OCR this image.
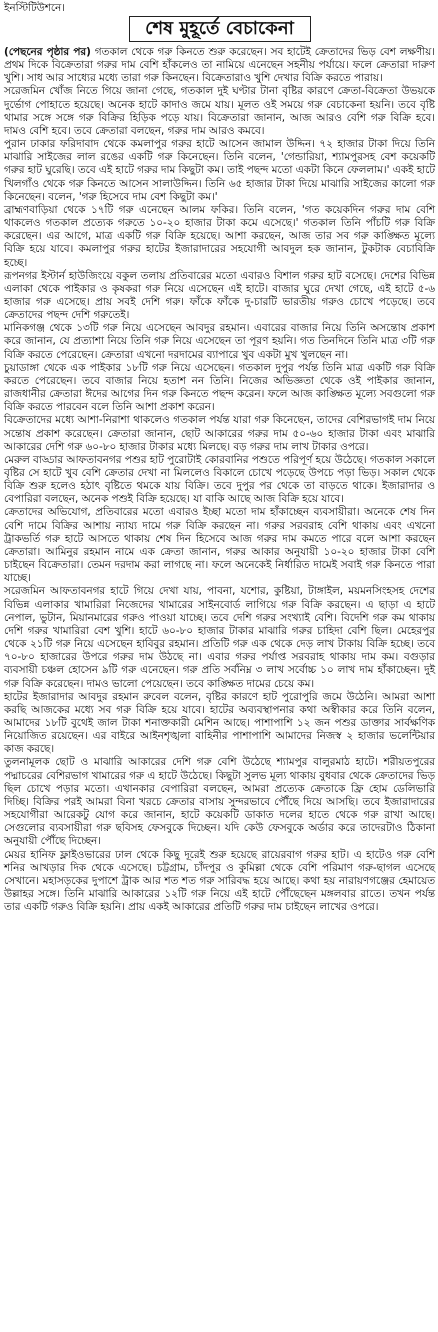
ইনস্টিটিউশনে।
শেষ মুহূর্তে বেচাকেনা

(পেছনের পৃষ্ঠার পর) গতকাল থেকে গরু কিনতে শুরু করেছেন। সব হাটেই ক্রেতাদের ভিড় বেশ লক্ষণীয়। প্রথম দিকে বিক্রেতারা গরুর দাম বেশি হাঁকলেও তা নামিয়ে এনেছেন সহনীয় পর্যায়ে। ফলে ক্রেতারা দারুণ খুশি। সাধ আর সাধ্যের মধ্যে তারা গরু কিনছেন। বিক্রেতারাও খুশি দেখার বিক্রি করতে পারায়।

সরেজমিন খোঁজ নিতে গিয়ে জানা গেছে, গতকাল দুই ঘণ্টার টানা বৃষ্টির কারণে ক্রেতা-বিক্রেতা উভয়কে দুর্ভোগ পোহাতে হয়েছে। অনেক হাটে কাদাও জমে যায়। মূলত ওই সময়ে গরু বেচাকেনা হয়নি। তবে বৃষ্টি থামার সঙ্গে সঙ্গে গরু বিক্রির হিড়িক পড়ে যায়। বিক্রেতারা জানান, আজ আরও বেশি গরু বিক্রি হবে। দামও বেশি হবে। তবে ক্রেতারা বলছেন, গরুর দাম আরও কমবে।

পুরান ঢাকার ফরিদাবাদ থেকে কমলাপুর গরুর হাটে আসেন জামাল উদ্দিন। ৭২ হাজার টাকা দিয়ে তিনি মাঝারি সাইজের লাল রঙের একটি গরু কিনেছেন। তিনি বলেন, 'গেন্ডারিয়া, শ্যামপুরসহ বেশ কয়েকটি গরুর হাট ঘুরেছি। তবে এই হাটে গরুর দাম কিছুটা কম। তাই পছন্দ মতো একটা কিনে ফেললাম।' একই হাটে খিলগাঁও থেকে গরু কিনতে আসেন সালাউদ্দিন। তিনি ৬৫ হাজার টাকা দিয়ে মাঝারি সাইজের কালো গরু কিনেছেন। বলেন, 'গরু হিসেবে দাম বেশ কিছুটা কম।'

ব্রাহ্মণবাড়িয়া থেকে ১৭টি গরু এনেছেন আলম ফকির। তিনি বলেন, 'গত কয়েকদিন গরুর দাম বেশি থাকলেও গতকাল প্রত্যেক গরুতে ১০-২০ হাজার টাকা কমে এসেছে।' গতকাল তিনি পাঁচটি গরু বিক্রি করেছেন। এর আগে, মাত্র একটি গরু বিক্রি হয়েছে। আশা করছেন, আজ তার সব গরু কাঙ্ক্ষিত মূল্যে বিক্রি হয়ে যাবে। কমলাপুর গরুর হাটের ইজারাদারের সহযোগী আবদুল হক জানান, টুকটাক বেচাবিক্রি হচ্ছে।

রূপনগর ইস্টার্ন হাউজিংয়ে বকুল তলায় প্রতিবারের মতো এবারও বিশাল গরুর হাট বসেছে। দেশের বিভিন্ন এলাকা থেকে পাইকার ও কৃষকরা গরু নিয়ে এসেছেন এই হাটে। বাজার ঘুরে দেখা গেছে, এই হাটে ৫-৬ হাজার গরু এসেছে। প্রায় সবই দেশি গরু। ফাঁকে ফাঁকে দু-চারটি ভারতীয় গরুও চোখে পড়েছে। তবে ক্রেতাদের পছন্দ দেশি গরুতেই।

মানিকগঞ্জ থেকে ১৩টি গরু নিয়ে এসেছেন আবদুর রহমান। এবারের বাজার নিয়ে তিনি অসন্তোষ প্রকাশ করে জানান, যে প্রত্যাশা নিয়ে তিনি গরু নিয়ে এসেছেন তা পূরণ হয়নি। গত তিনদিনে তিনি মাত্র ৩টি গরু বিক্রি করতে পেরেছেন। ক্রেতারা এখনো দরদামের ব্যাপারে খুব একটা মুখ খুলছেন না।

চুয়াডাঙ্গা থেকে এক পাইকার ১৮টি গরু নিয়ে এসেছেন। গতকাল দুপুর পর্যন্ত তিনি মাত্র একটি গরু বিক্রি করতে পেরেছেন। তবে বাজার নিয়ে হতাশ নন তিনি। নিজের অভিজ্ঞতা থেকে ওই পাইকার জানান, রাজধানীর ক্রেতারা ঈদের আগের দিন গরু কিনতে পছন্দ করেন। ফলে আজ কাঙ্ক্ষিত মূল্যে সবগুলো গরু বিক্রি করতে পারবেন বলে তিনি আশা প্রকাশ করেন।

বিক্রেতাদের মধ্যে আশা-নিরাশা থাকলেও গতকাল পর্যন্ত যারা গরু কিনেছেন, তাদের বেশিরভাগই দাম নিয়ে সন্তোষ প্রকাশ করেছেন। ক্রেতারা জানান, ছোট আকারের গরুর দাম ৫০-৬০ হাজার টাকা এবং মাঝারি আকারের দেশি গরু ৬০-৮০ হাজার টাকার মধ্যে মিলছে। বড় গরুর দাম লাখ টাকার ওপরে।

মেরুল বাড্ডার আফতাবনগর পশুর হাট পুরোটাই কোরবানির পশুতে পরিপূর্ণ হয়ে উঠেছে। গতকাল সকালে বৃষ্টির সে হাটে খুব বেশি ক্রেতার দেখা না মিললেও বিকালে চোখে পড়েছে উপচে পড়া ভিড়। সকাল থেকে বিক্রি শুরু হলেও হঠাৎ বৃষ্টিতে থমকে যায় বিক্রি। তবে দুপুর পর থেকে তা বাড়তে থাকে। ইজারাদার ও বেপারিরা বলছেন, অনেক পশুই বিক্রি হয়েছে। যা বাকি আছে আজ বিক্রি হয়ে যাবে।

ক্রেতাদের অভিযোগ, প্রতিবারের মতো এবারও ইচ্ছা মতো দাম হাঁকাচ্ছেন ব্যবসায়ীরা। অনেকে শেষ দিন বেশি দামে বিক্রির আশায় ন্যায্য দামে গরু বিক্রি করছেন না। গরুর সরবরাহ বেশি থাকায় এবং এখনো ট্রাকভর্তি গরু হাটে আসতে থাকায় শেষ দিন হিসেবে আজ গরুর দাম কমতে পারে বলে আশা করছেন ক্রেতারা। আমিনুর রহমান নামে এক ক্রেতা জানান, গরুর আকার অনুযায়ী ১০-২০ হাজার টাকা বেশি চাইছেন বিক্রেতারা। তেমন দরদাম করা লাগছে না। ফলে অনেকেই নির্ধারিত দামেই সবাই গরু কিনতে পারা যাচ্ছে।

সরেজমিন আফতাবনগর হাটে গিয়ে দেখা যায়, পাবনা, যশোর, কুষ্টিয়া, টাঙ্গাইল, ময়মনসিংহসহ দেশের বিভিন্ন এলাকার খামারিরা নিজেদের খামারের সাইনবোর্ড লাগিয়ে গরু বিক্রি করছেন। এ ছাড়া এ হাটে নেপাল, ভুটান, মিয়ানমারের গরুও পাওয়া যাচ্ছে। তবে দেশি গরুর সংখ্যাই বেশি। বিদেশি গরু কম থাকায় দেশি গরুর খামারিরা বেশ খুশি। হাটে ৬০-৮০ হাজার টাকার মাঝারি গরুর চাহিদা বেশি ছিল। মেহেরপুর থেকে ২১টি গরু নিয়ে এসেছেন হাবিবুর রহমান। প্রতিটি গরু এক থেকে দেড় লাখ টাকায় বিক্রি হচ্ছে। তবে ৭০-৮০ হাজারের উপরে গরুর দাম উঠছে না। এবার গরুর পর্যাপ্ত সরবরাহ থাকায় দাম কম। বগুড়ার ব্যবসায়ী চঞ্চল হোসেন ৯টি গরু এনেছেন। গরু প্রতি সর্বনিম্ন ৩ লাখ সর্বোচ্চ ১০ লাখ দাম হাঁকাচ্ছেন। দুই গরু বিক্রি করেছেন। দামও ভালো পেয়েছেন। তবে কাঙ্ক্ষিত দামের চেয়ে কম।

হাটের ইজারাদার আবদুর রহমান রুবেল বলেন, বৃষ্টির কারণে হাট পুরোপুরি জমে উঠেনি। আমরা আশা করছি আজকের মধ্যে সব গরু বিক্রি হয়ে যাবে। হাটের অব্যবস্থাপনার কথা অস্বীকার করে তিনি বলেন, আমাদের ১৮টি বুথেই জাল টাকা শনাক্তকারী মেশিন আছে। পাশাপাশি ১২ জন পশুর ডাক্তার সার্বক্ষণিক নিয়োজিত রয়েছেন। এর বাইরে আইনশৃঙ্খলা বাহিনীর পাশাপাশি আমাদের নিজস্ব ২ হাজার ভলেন্টিয়ার কাজ করছে।

তুলনামূলক ছোট ও মাঝারি আকারের দেশি গরু বেশি উঠেছে শ্যামপুর বালুরমাঠ হাটে। শরীয়তপুরের পদ্মাচরের বেশিরভাগ খামারের গরু এ হাটে উঠেছে। কিছুটা সুলভ মূল্য থাকায় বুধবার থেকে ক্রেতাদের ভিড় ছিল চোখে পড়ার মতো। এখানকার বেপারিরা বলছেন, আমরা প্রত্যেক ক্রেতাকে ফ্রি হোম ডেলিভারি দিচ্ছি। বিক্রির পরই আমরা বিনা খরচে ক্রেতার বাসায় সুন্দরভাবে পৌঁছে দিয়ে আসছি। তবে ইজারাদারের সহযোগীরা আরেকটু যোগ করে জানান, হাটে কয়েকটি ডাকাত দলের হাতে থেকে গরু রাখা আছে। সেগুলোর ব্যবসায়ীরা গরু ছবিসহ ফেসবুকে দিচ্ছেন। যদি কেউ ফেসবুকে অর্ডার করে তাদেরটাও ঠিকানা অনুযায়ী পৌঁছে দিচ্ছেন।

মেয়র হানিফ ফ্লাইওভারের ঢাল থেকে কিছু দূরেই শুরু হয়েছে রায়েরবাগ গরুর হাট। এ হাটেও গরু বেশি শনির আখড়ার দিক থেকে এসেছে। চট্টগ্রাম, চাঁদপুর ও কুমিল্লা থেকে বেশি পরিমাণ গরু-ছাগল এসেছে সেখানে। মহাসড়কের দুপাশে ট্রাক আর শত শত গরু সারিবদ্ধ হয়ে আছে। কথা হয় নারায়ণগঞ্জের হেমায়েত উল্লাহর সঙ্গে। তিনি মাঝারি আকারের ১২টি গরু নিয়ে এই হাটে পৌঁছেছেন মঙ্গলবার রাতে। তখন পর্যন্ত তার একটি গরুও বিক্রি হয়নি। প্রায় একই আকারের প্রতিটি গরুর দাম চাইছেন লাখের ওপরে।
